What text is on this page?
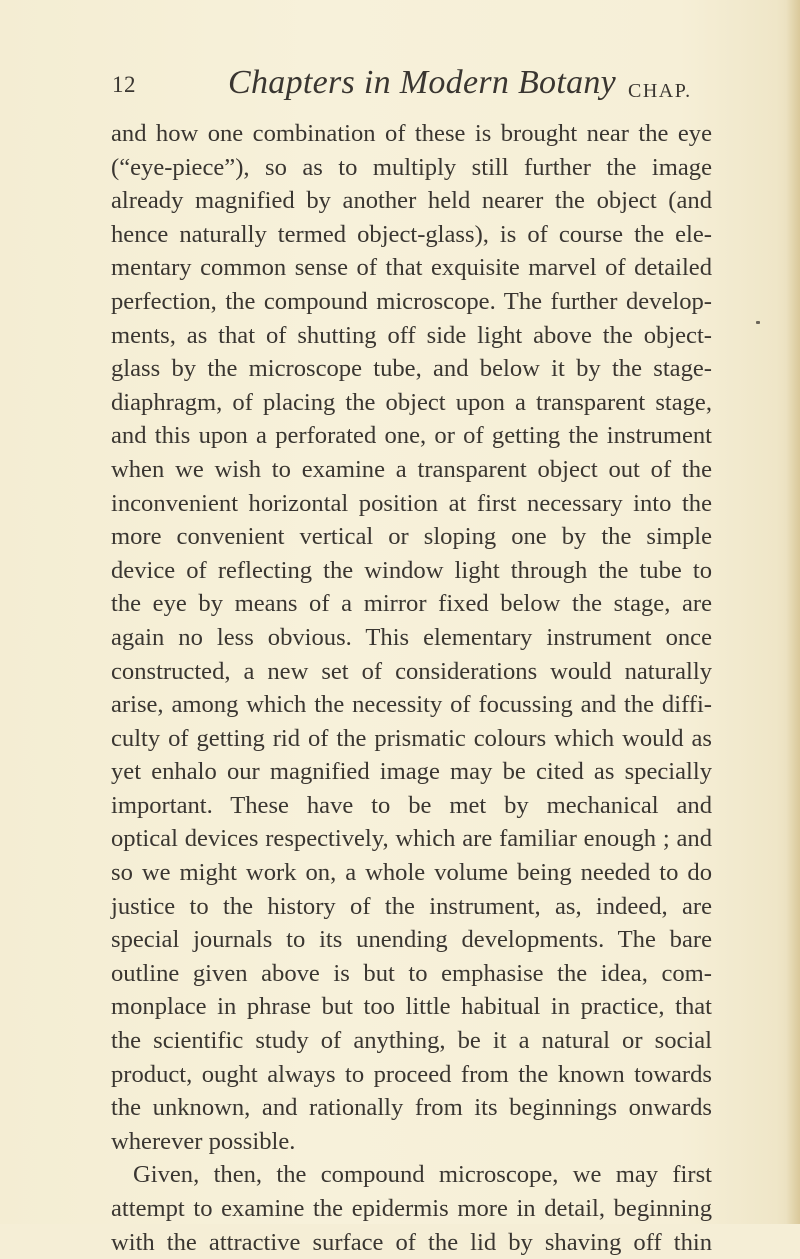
12	Chapters in Modern Botany CHAP.
and how one combination of these is brought near the eye
(“eye-piece”), so as to multiply still further the image
already magnified by another held nearer the object (and
hence naturally termed object-glass), is of course the ele-
mentary common sense of that exquisite marvel of detailed
perfection, the compound microscope. The further develop-
ments, as that of shutting off side light above the object-
glass by the microscope tube, and below it by the stage-
diaphragm, of placing the object upon a transparent stage,
and this upon a perforated one, or of getting the instrument
when we wish to examine a transparent object out of the
inconvenient horizontal position at first necessary into the
more convenient vertical or sloping one by the simple
device of reflecting the window light through the tube to
the eye by means of a mirror fixed below the stage, are
again no less obvious. This elementary instrument once
constructed, a new set of considerations would naturally
arise, among which the necessity of focussing and the diffi-
culty of getting rid of the prismatic colours which would as
yet enhalo our magnified image may be cited as specially
important. These have to be met by mechanical and
optical devices respectively, which are familiar enough ; and
so we might work on, a whole volume being needed to do
justice to the history of the instrument, as, indeed, are
special journals to its unending developments. The bare
outline given above is but to emphasise the idea, com-
monplace in phrase but too little habitual in practice, that
the scientific study of anything, be it a natural or social
product, ought always to proceed from the known towards
the unknown, and rationally from its beginnings onwards
wherever possible.
Given, then, the compound microscope, we may first
attempt to examine the epidermis more in detail, beginning
with the attractive surface of the lid by shaving off thin
